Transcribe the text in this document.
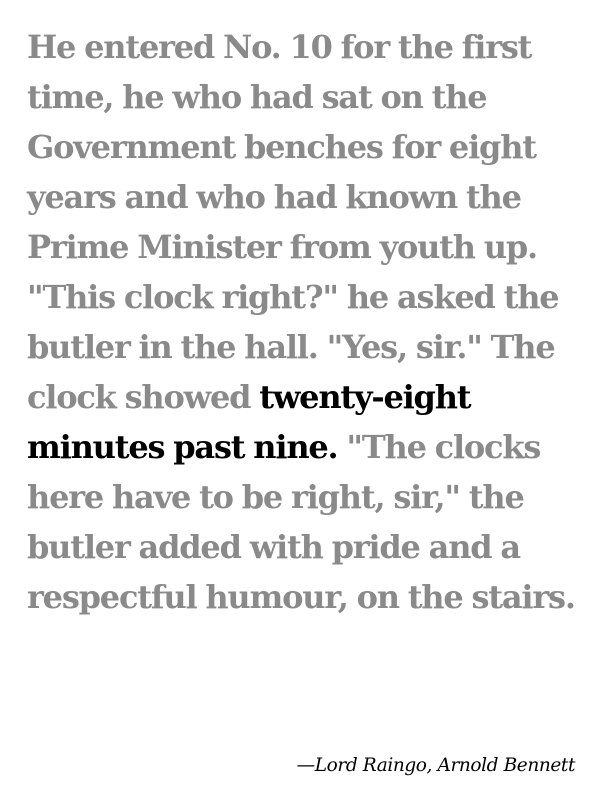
He entered No. 10 for the first time, he who had sat on the Government benches for eight years and who had known the Prime Minister from youth up. "This clock right?" he asked the butler in the hall. "Yes, sir." The clock showed twenty-eight minutes past nine. "The clocks here have to be right, sir," the butler added with pride and a respectful humour, on the stairs.

—Lord Raingo, Arnold Bennett
